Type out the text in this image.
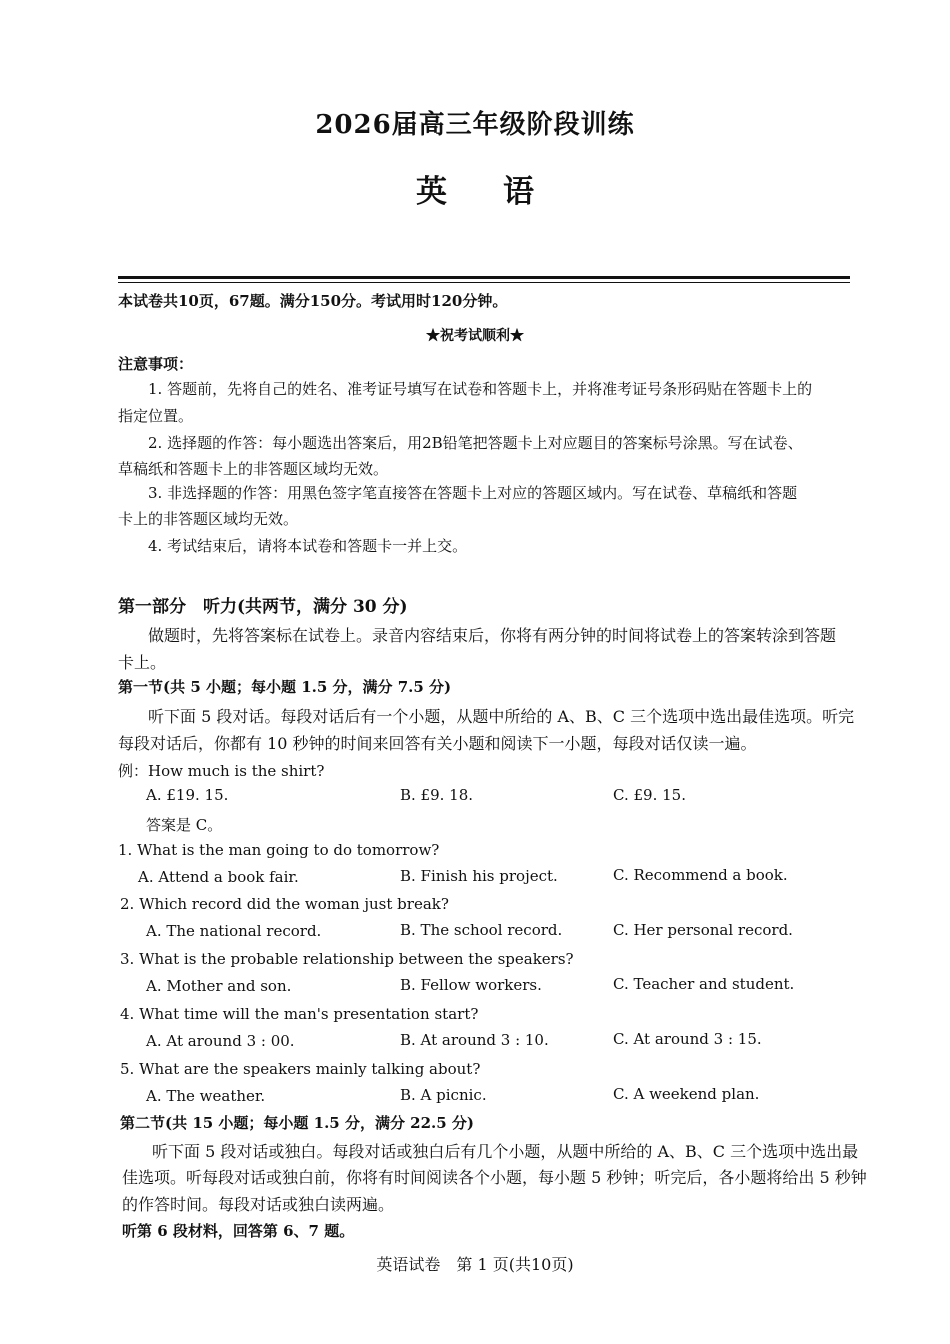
2026届高三年级阶段训练
英语
本试卷共10页，67题。满分150分。考试用时120分钟。
★祝考试顺利★
注意事项：
1. 答题前，先将自己的姓名、准考证号填写在试卷和答题卡上，并将准考证号条形码贴在答题卡上的
指定位置。
2. 选择题的作答：每小题选出答案后，用2B铅笔把答题卡上对应题目的答案标号涂黑。写在试卷、
草稿纸和答题卡上的非答题区域均无效。
3. 非选择题的作答：用黑色签字笔直接答在答题卡上对应的答题区域内。写在试卷、草稿纸和答题
卡上的非答题区域均无效。
4. 考试结束后，请将本试卷和答题卡一并上交。
第一部分　听力(共两节，满分 30 分)
做题时，先将答案标在试卷上。录音内容结束后，你将有两分钟的时间将试卷上的答案转涂到答题
卡上。
第一节(共 5 小题；每小题 1.5 分，满分 7.5 分)
听下面 5 段对话。每段对话后有一个小题，从题中所给的 A、B、C 三个选项中选出最佳选项。听完
每段对话后，你都有 10 秒钟的时间来回答有关小题和阅读下一小题，每段对话仅读一遍。
例：How much is the shirt?
A. £19. 15.	B. £9. 18.	C. £9. 15.
答案是 C。
1. What is the man going to do tomorrow?
A. Attend a book fair.	B. Finish his project.	C. Recommend a book.
2. Which record did the woman just break?
A. The national record.	B. The school record.	C. Her personal record.
3. What is the probable relationship between the speakers?
A. Mother and son.	B. Fellow workers.	C. Teacher and student.
4. What time will the man's presentation start?
A. At around 3 : 00.	B. At around 3 : 10.	C. At around 3 : 15.
5. What are the speakers mainly talking about?
A. The weather.	B. A picnic.	C. A weekend plan.
第二节(共 15 小题；每小题 1.5 分，满分 22.5 分)
听下面 5 段对话或独白。每段对话或独白后有几个小题，从题中所给的 A、B、C 三个选项中选出最
佳选项。听每段对话或独白前，你将有时间阅读各个小题，每小题 5 秒钟；听完后，各小题将给出 5 秒钟
的作答时间。每段对话或独白读两遍。
听第 6 段材料，回答第 6、7 题。
英语试卷　第 1 页(共10页)
